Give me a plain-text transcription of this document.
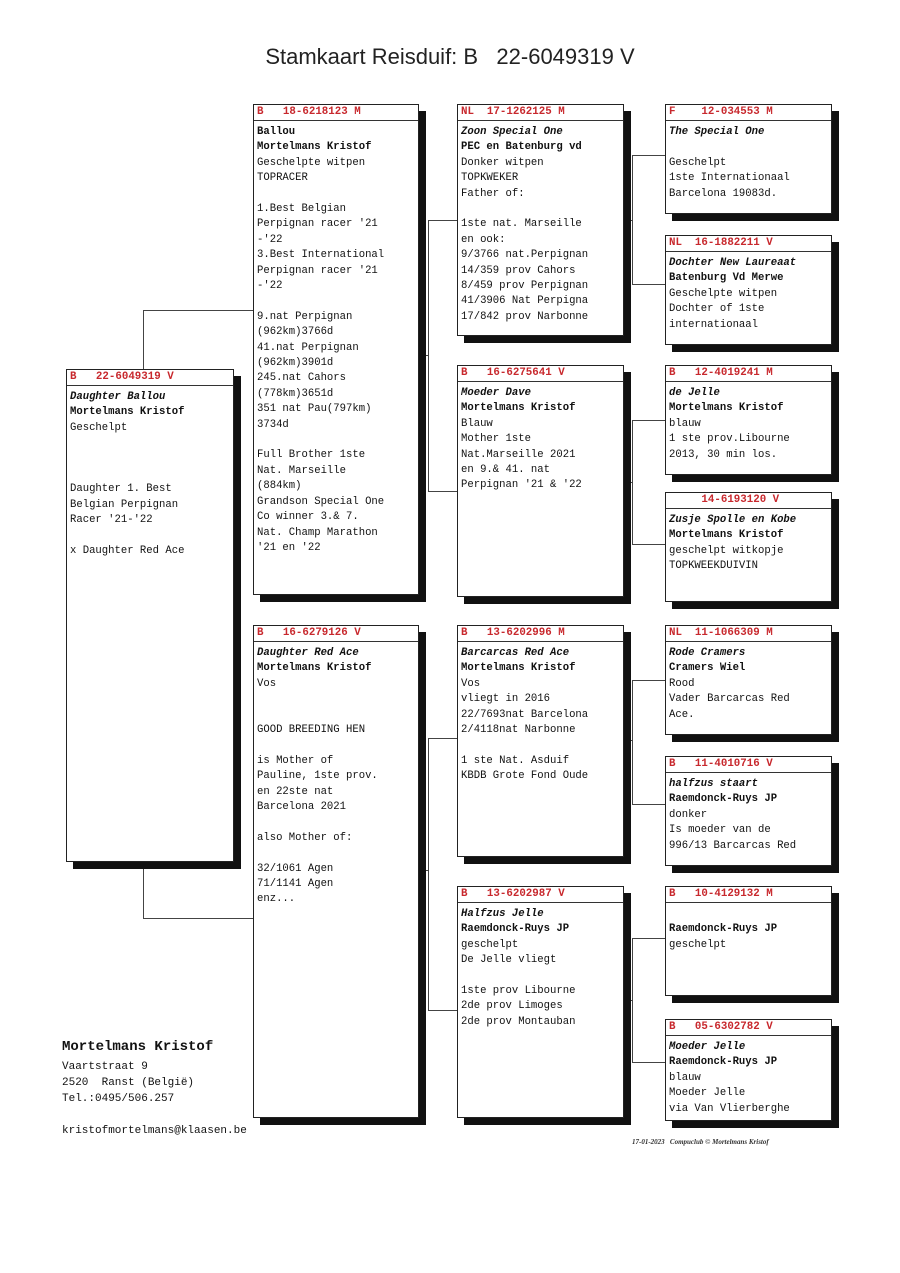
Stamkaart Reisduif: B   22-6049319 V
B   22-6049319 V
Daughter Ballou
Mortelmans Kristof
Geschelpt
Daughter 1. Best
Belgian Perpignan
Racer '21-'22
x Daughter Red Ace
B   18-6218123 M
Ballou
Mortelmans Kristof
Geschelpte witpen
TOPRACER
1.Best Belgian
Perpignan racer '21
-'22
3.Best International
Perpignan racer '21
-'22
9.nat Perpignan
(962km)3766d
41.nat Perpignan
(962km)3901d
245.nat Cahors
(778km)3651d
351 nat Pau(797km)
3734d
Full Brother 1ste
Nat. Marseille
(884km)
Grandson Special One
Co winner 3.& 7.
Nat. Champ Marathon
'21 en '22
B   16-6279126 V
Daughter Red Ace
Mortelmans Kristof
Vos
GOOD BREEDING HEN
is Mother of
Pauline, 1ste prov.
en 22ste nat
Barcelona 2021
also Mother of:
32/1061 Agen
71/1141 Agen
enz...
NL  17-1262125 M
Zoon Special One
PEC en Batenburg vd
Donker witpen
TOPKWEKER
Father of:
1ste nat. Marseille
en ook:
9/3766 nat.Perpignan
14/359 prov Cahors
8/459 prov Perpignan
41/3906 Nat Perpigna
17/842 prov Narbonne
B   16-6275641 V
Moeder Dave
Mortelmans Kristof
Blauw
Mother 1ste
Nat.Marseille 2021
en 9.& 41. nat
Perpignan '21 & '22
B   13-6202996 M
Barcarcas Red Ace
Mortelmans Kristof
Vos
vliegt in 2016
22/7693nat Barcelona
2/4118nat Narbonne
1 ste Nat. Asduif
KBDB Grote Fond Oude
B   13-6202987 V
Halfzus Jelle
Raemdonck-Ruys JP
geschelpt
De Jelle vliegt
1ste prov Libourne
2de prov Limoges
2de prov Montauban
F    12-034553 M
The Special One
Geschelpt
1ste Internationaal
Barcelona 19083d.
NL  16-1882211 V
Dochter New Laureaat
Batenburg Vd Merwe
Geschelpte witpen
Dochter of 1ste
internationaal
B   12-4019241 M
de Jelle
Mortelmans Kristof
blauw
1 ste prov.Libourne
2013, 30 min los.
14-6193120 V
Zusje Spolle en Kobe
Mortelmans Kristof
geschelpt witkopje
TOPKWEEKDUIVIN
NL  11-1066309 M
Rode Cramers
Cramers Wiel
Rood
Vader Barcarcas Red
Ace.
B   11-4010716 V
halfzus staart
Raemdonck-Ruys JP
donker
Is moeder van de
996/13 Barcarcas Red
B   10-4129132 M
Raemdonck-Ruys JP
geschelpt
B   05-6302782 V
Moeder Jelle
Raemdonck-Ruys JP
blauw
Moeder Jelle
via Van Vlierberghe
Mortelmans Kristof
Vaartstraat 9
2520  Ranst (België)
Tel.:0495/506.257
kristofmortelmans@klaasen.be
17-01-2023   Compuclub © Mortelmans Kristof
